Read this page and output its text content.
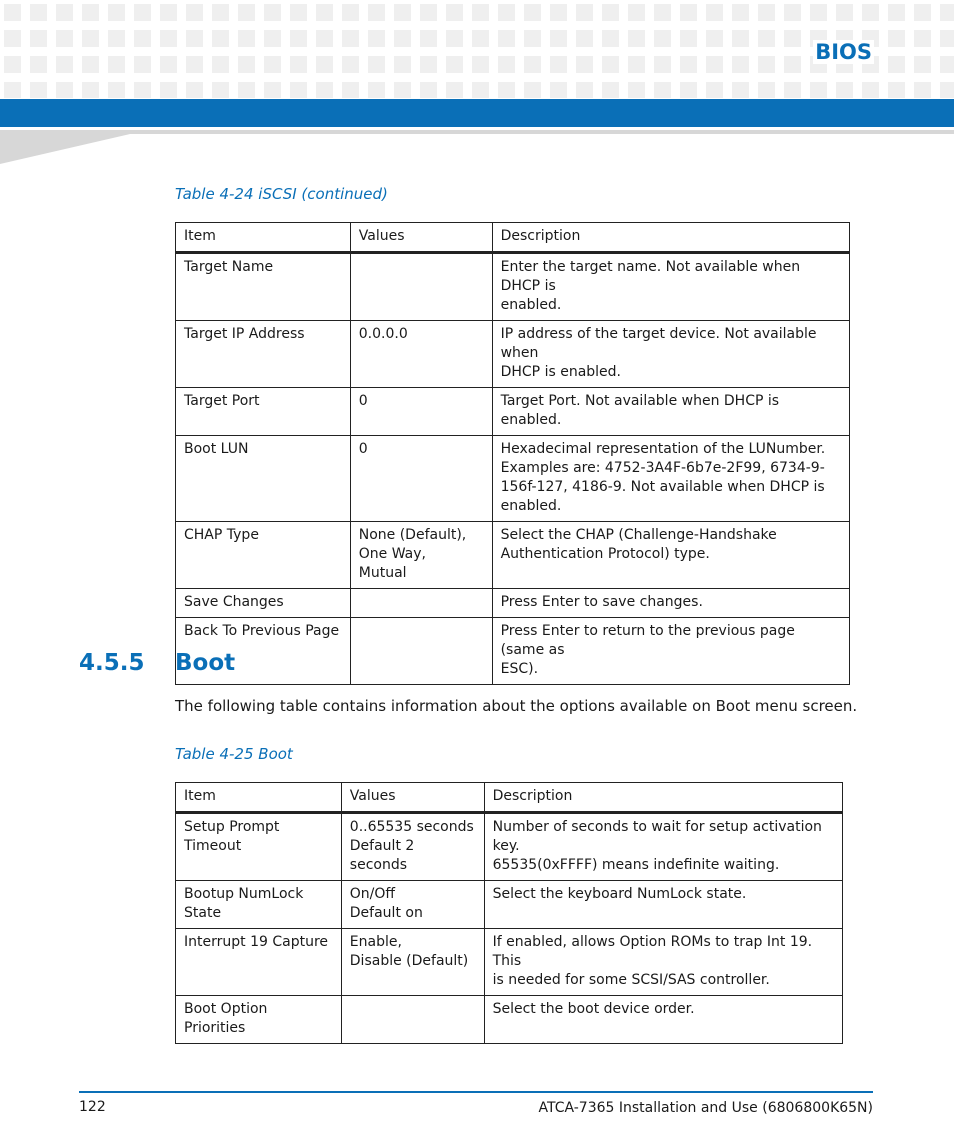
BIOS
Table 4-24 iSCSI (continued)
Item	Values	Description

Target Name		Enter the target name. Not available when DHCP is
enabled.

Target IP Address	0.0.0.0	IP address of the target device. Not available when
DHCP is enabled.

Target Port	0	Target Port. Not available when DHCP is enabled.

Boot LUN	0	Hexadecimal representation of the LUNumber.
Examples are: 4752-3A4F-6b7e-2F99, 6734-9-
156f-127, 4186-9. Not available when DHCP is
enabled.

CHAP Type	None (Default),
One Way,
Mutual	Select the CHAP (Challenge-Handshake
Authentication Protocol) type.

Save Changes		Press Enter to save changes.

Back To Previous Page		Press Enter to return to the previous page (same as
ESC).
4.5.5 Boot
The following table contains information about the options available on Boot menu screen.
Table 4-25 Boot
Item	Values	Description

Setup Prompt
Timeout	0..65535 seconds
Default 2 seconds	Number of seconds to wait for setup activation key.
65535(0xFFFF) means indefinite waiting.

Bootup NumLock
State	On/Off
Default on	Select the keyboard NumLock state.

Interrupt 19 Capture	Enable,
Disable (Default)	If enabled, allows Option ROMs to trap Int 19. This
is needed for some SCSI/SAS controller.

Boot Option Priorities		Select the boot device order.
122	ATCA-7365 Installation and Use (6806800K65N)
